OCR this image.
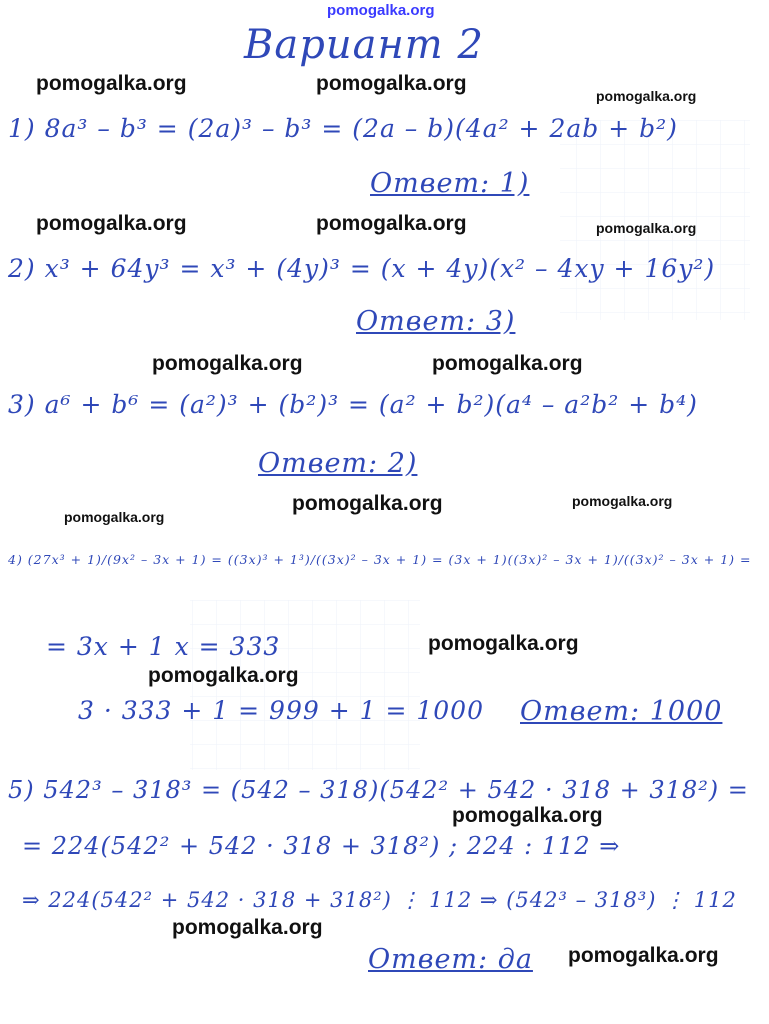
pomogalka.org
pomogalka.org	pomogalka.org
pomogalka.org
pomogalka.org	pomogalka.org	pomogalka.org
pomogalka.org	pomogalka.org
pomogalka.org
pomogalka.org
pomogalka.org
pomogalka.org
pomogalka.org
pomogalka.org
pomogalka.org
pomogalka.org
Вариант 2
1) 8a³ – b³ = (2a)³ – b³ = (2a – b)(4a² + 2ab + b²)
Ответ: 1)
2) x³ + 64y³ = x³ + (4y)³ = (x + 4y)(x² – 4xy + 16y²)
Ответ: 3)
3) a⁶ + b⁶ = (a²)³ + (b²)³ = (a² + b²)(a⁴ – a²b² + b⁴)
Ответ: 2)
4) (27x³ + 1)/(9x² – 3x + 1) = ((3x)³ + 1³)/((3x)² – 3x + 1) = (3x + 1)((3x)² – 3x + 1)/((3x)² – 3x + 1) =
= 3x + 1 x = 333
3 · 333 + 1 = 999 + 1 = 1000 Ответ: 1000
5) 542³ – 318³ = (542 – 318)(542² + 542 · 318 + 318²) =
= 224(542² + 542 · 318 + 318²) ; 224 : 112 ⇒
⇒ 224(542² + 542 · 318 + 318²) ⋮ 112 ⇒ (542³ – 318³) ⋮ 112
Ответ: да
